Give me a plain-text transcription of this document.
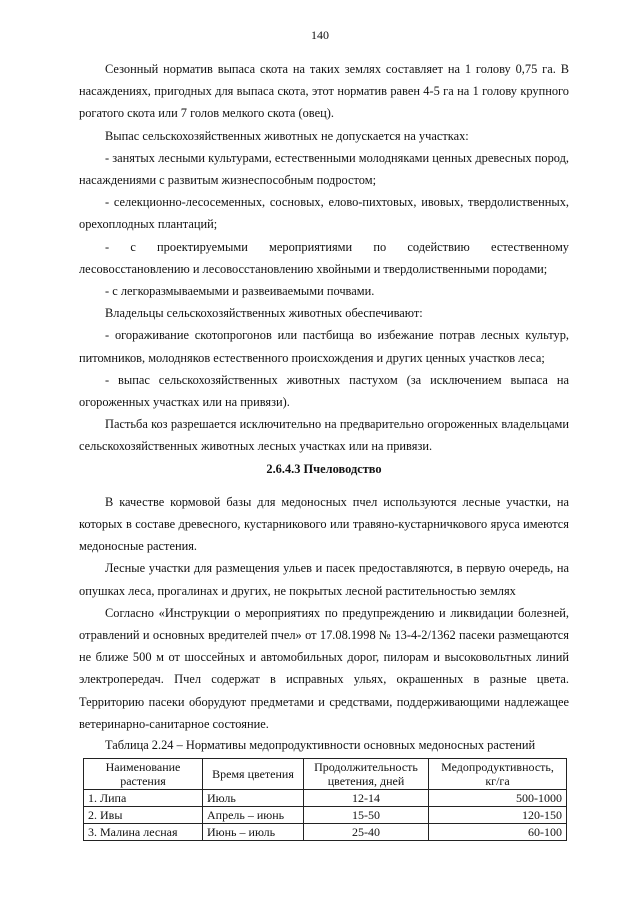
140

Сезонный норматив выпаса скота на таких землях составляет на 1 голову 0,75 га. В насаждениях, пригодных для выпаса скота, этот норматив равен 4-5 га на 1 голову крупного рогатого скота или 7 голов мелкого скота (овец).

Выпас сельскохозяйственных животных не допускается на участках:

- занятых лесными культурами, естественными молодняками ценных древесных пород, насаждениями с развитым жизнеспособным подростом;

- селекционно-лесосеменных, сосновых, елово-пихтовых, ивовых, твердолиственных, орехоплодных плантаций;

- с проектируемыми мероприятиями по содействию естественному лесовосстановлению и лесовосстановлению хвойными и твердолиственными породами;

- с легкоразмываемыми и развеиваемыми почвами.

Владельцы сельскохозяйственных животных обеспечивают:

- огораживание скотопрогонов или пастбища во избежание потрав лесных культур, питомников, молодняков естественного происхождения и других ценных участков леса;

- выпас сельскохозяйственных животных пастухом (за исключением выпаса на огороженных участках или на привязи).

Пастьба коз разрешается исключительно на предварительно огороженных владельцами сельскохозяйственных животных лесных участках или на привязи.

2.6.4.3 Пчеловодство

В качестве кормовой базы для медоносных пчел используются лесные участки, на которых в составе древесного, кустарникового или травяно-кустарничкового яруса имеются медоносные растения.

Лесные участки для размещения ульев и пасек предоставляются, в первую очередь, на опушках леса, прогалинах и других, не покрытых лесной растительностью землях

Согласно «Инструкции о мероприятиях по предупреждению и ликвидации болезней, отравлений и основных вредителей пчел» от 17.08.1998 № 13-4-2/1362 пасеки размещаются не ближе 500 м от шоссейных и автомобильных дорог, пилорам и высоковольтных линий электропередач. Пчел содержат в исправных ульях, окрашенных в разные цвета. Территорию пасеки оборудуют предметами и средствами, поддерживающими надлежащее ветеринарно-санитарное состояние.

Таблица 2.24 – Нормативы медопродуктивности основных медоносных растений

Наименование растения	Время цветения	Продолжительность цветения, дней	Медопродуктивность, кг/га
1. Липа	Июль	12-14	500-1000
2. Ивы	Апрель – июнь	15-50	120-150
3. Малина лесная	Июнь – июль	25-40	60-100
